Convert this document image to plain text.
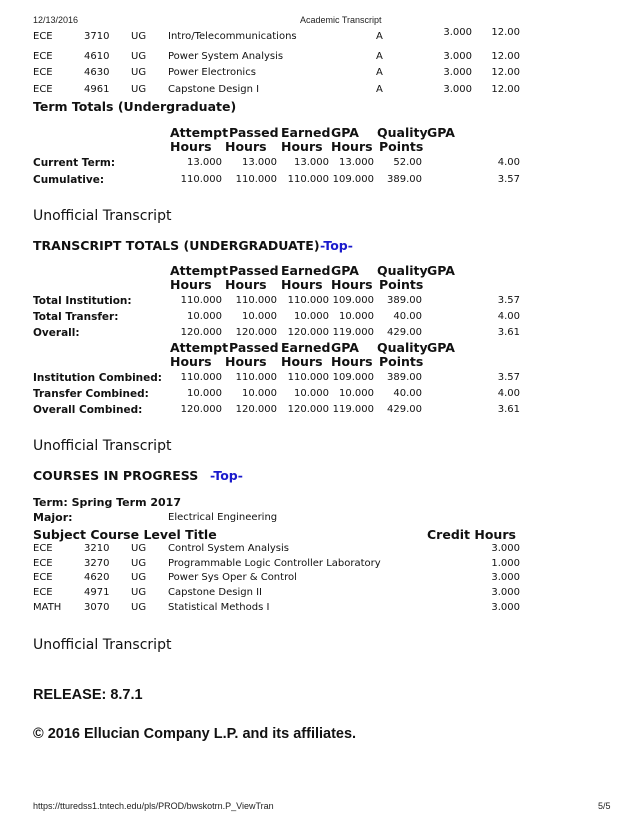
12/13/2016	Academic Transcript
ECE	3710 UG Intro/Telecommunications	A	3.000 12.00
ECE	4610 UG Power System Analysis	A	3.000 12.00
ECE	4630 UG Power Electronics	A	3.000 12.00
ECE	4961 UG Capstone Design I	A	3.000 12.00
Term Totals (Undergraduate)
Attempt Passed Earned GPA Quality GPA
Hours Hours Hours Hours Points
Current Term:	13.000 13.000 13.000 13.000 52.00	4.00
Cumulative:	110.000 110.000 110.000 109.000 389.00	3.57
Unofficial Transcript
TRANSCRIPT TOTALS (UNDERGRADUATE) -Top-
Attempt Passed Earned GPA Quality GPA
Hours Hours Hours Hours Points
Total Institution:	110.000 110.000 110.000 109.000 389.00	3.57
Total Transfer:	10.000 10.000 10.000 10.000 40.00	4.00
Overall:	120.000 120.000 120.000 119.000 429.00	3.61
Attempt Passed Earned GPA Quality GPA
Hours Hours Hours Hours Points
Institution Combined: 110.000 110.000 110.000 109.000 389.00	3.57
Transfer Combined:	10.000 10.000 10.000 10.000 40.00	4.00
Overall Combined:	120.000 120.000 120.000 119.000 429.00	3.61
Unofficial Transcript
COURSES IN PROGRESS -Top-
Term: Spring Term 2017
Major:	Electrical Engineering
Subject Course Level Title	Credit Hours
ECE	3210 UG Control System Analysis	3.000
ECE	3270 UG Programmable Logic Controller Laboratory	1.000
ECE	4620 UG Power Sys Oper & Control	3.000
ECE	4971 UG Capstone Design II	3.000
MATH 3070 UG Statistical Methods I	3.000
Unofficial Transcript
RELEASE: 8.7.1
© 2016 Ellucian Company L.P. and its affiliates.
https://tturedss1.tntech.edu/pls/PROD/bwskotrn.P_ViewTran	5/5
